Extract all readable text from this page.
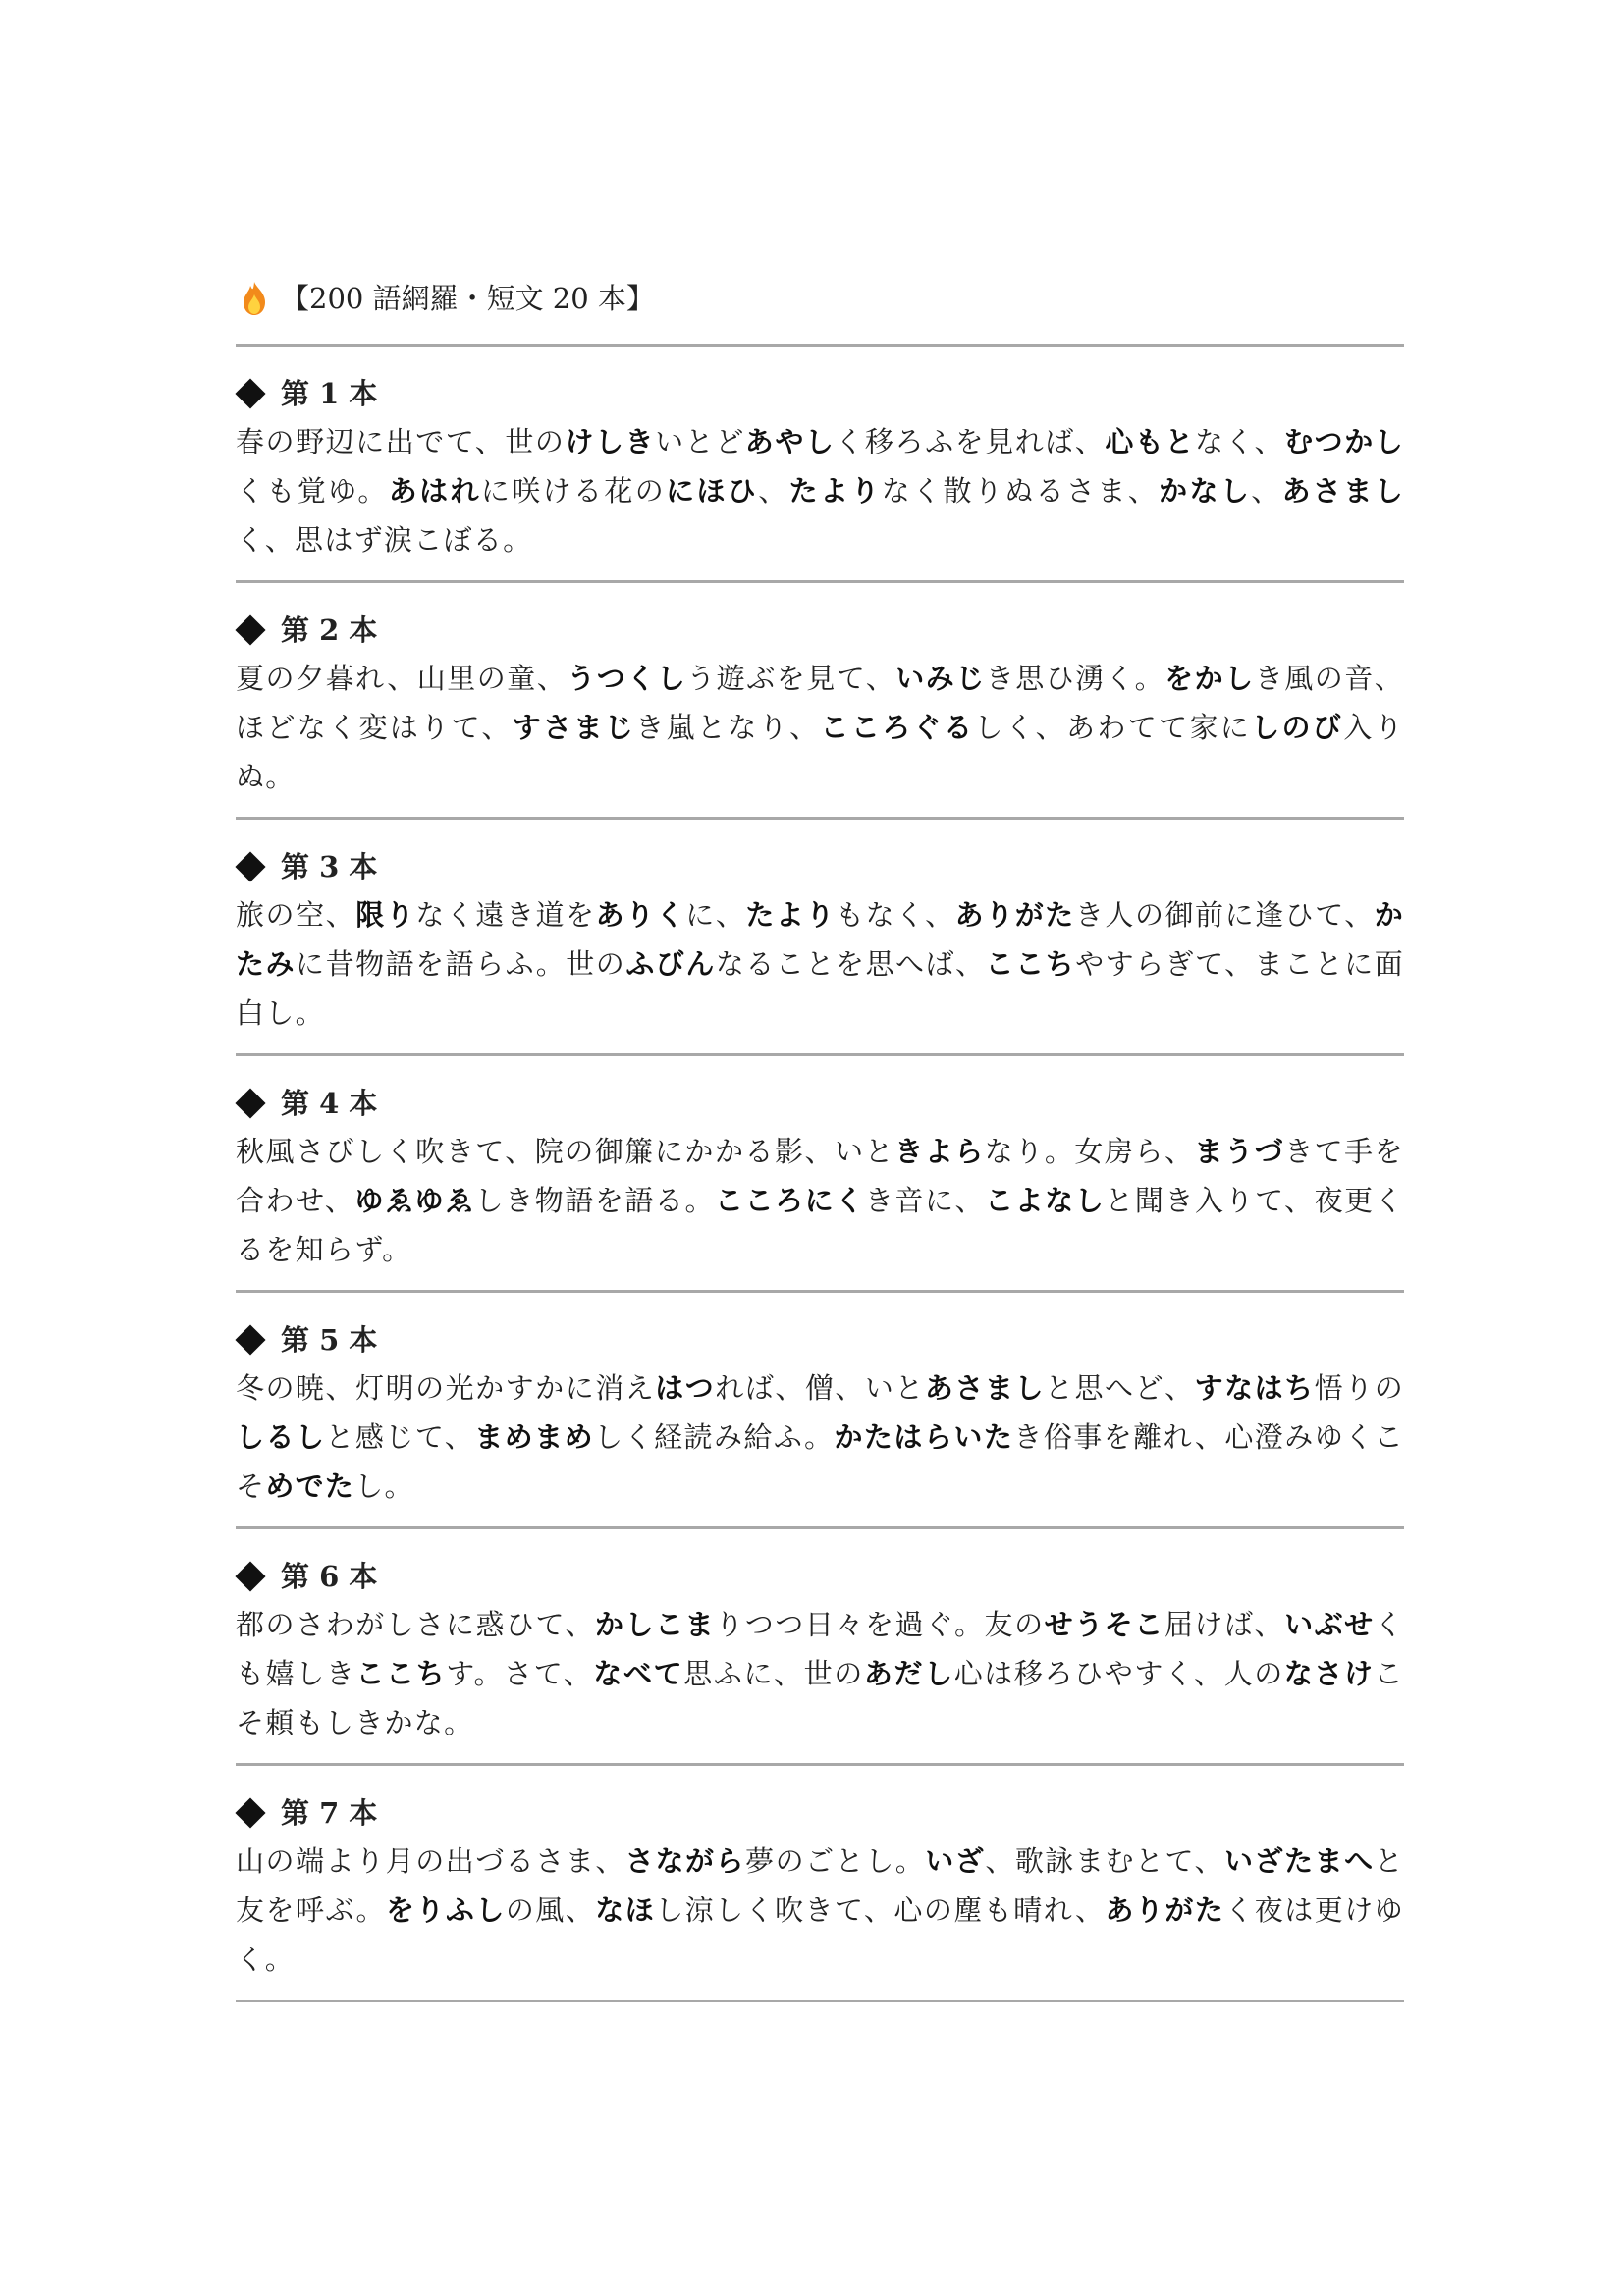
【200 語網羅・短文 20 本】
第 1 本
春の野辺に出でて、世のけしきいとどあやしく移ろふを見れば、心もとなく、むつかしくも覚ゆ。あはれに咲ける花のにほひ、たよりなく散りぬるさま、かなし、あさましく、思はず涙こぼる。
第 2 本
夏の夕暮れ、山里の童、うつくしう遊ぶを見て、いみじき思ひ湧く。をかしき風の音、ほどなく変はりて、すさまじき嵐となり、こころぐるしく、あわてて家にしのび入りぬ。
第 3 本
旅の空、限りなく遠き道をありくに、たよりもなく、ありがたき人の御前に逢ひて、かたみに昔物語を語らふ。世のふびんなることを思へば、ここちやすらぎて、まことに面白し。
第 4 本
秋風さびしく吹きて、院の御簾にかかる影、いときよらなり。女房ら、まうづきて手を合わせ、ゆゑゆゑしき物語を語る。こころにくき音に、こよなしと聞き入りて、夜更くるを知らず。
第 5 本
冬の暁、灯明の光かすかに消えはつれば、僧、いとあさましと思へど、すなはち悟りのしるしと感じて、まめまめしく経読み給ふ。かたはらいたき俗事を離れ、心澄みゆくこそめでたし。
第 6 本
都のさわがしさに惑ひて、かしこまりつつ日々を過ぐ。友のせうそこ届けば、いぶせくも嬉しきここちす。さて、なべて思ふに、世のあだし心は移ろひやすく、人のなさけこそ頼もしきかな。
第 7 本
山の端より月の出づるさま、さながら夢のごとし。いざ、歌詠まむとて、いざたまへと友を呼ぶ。をりふしの風、なほし涼しく吹きて、心の塵も晴れ、ありがたく夜は更けゆく。
